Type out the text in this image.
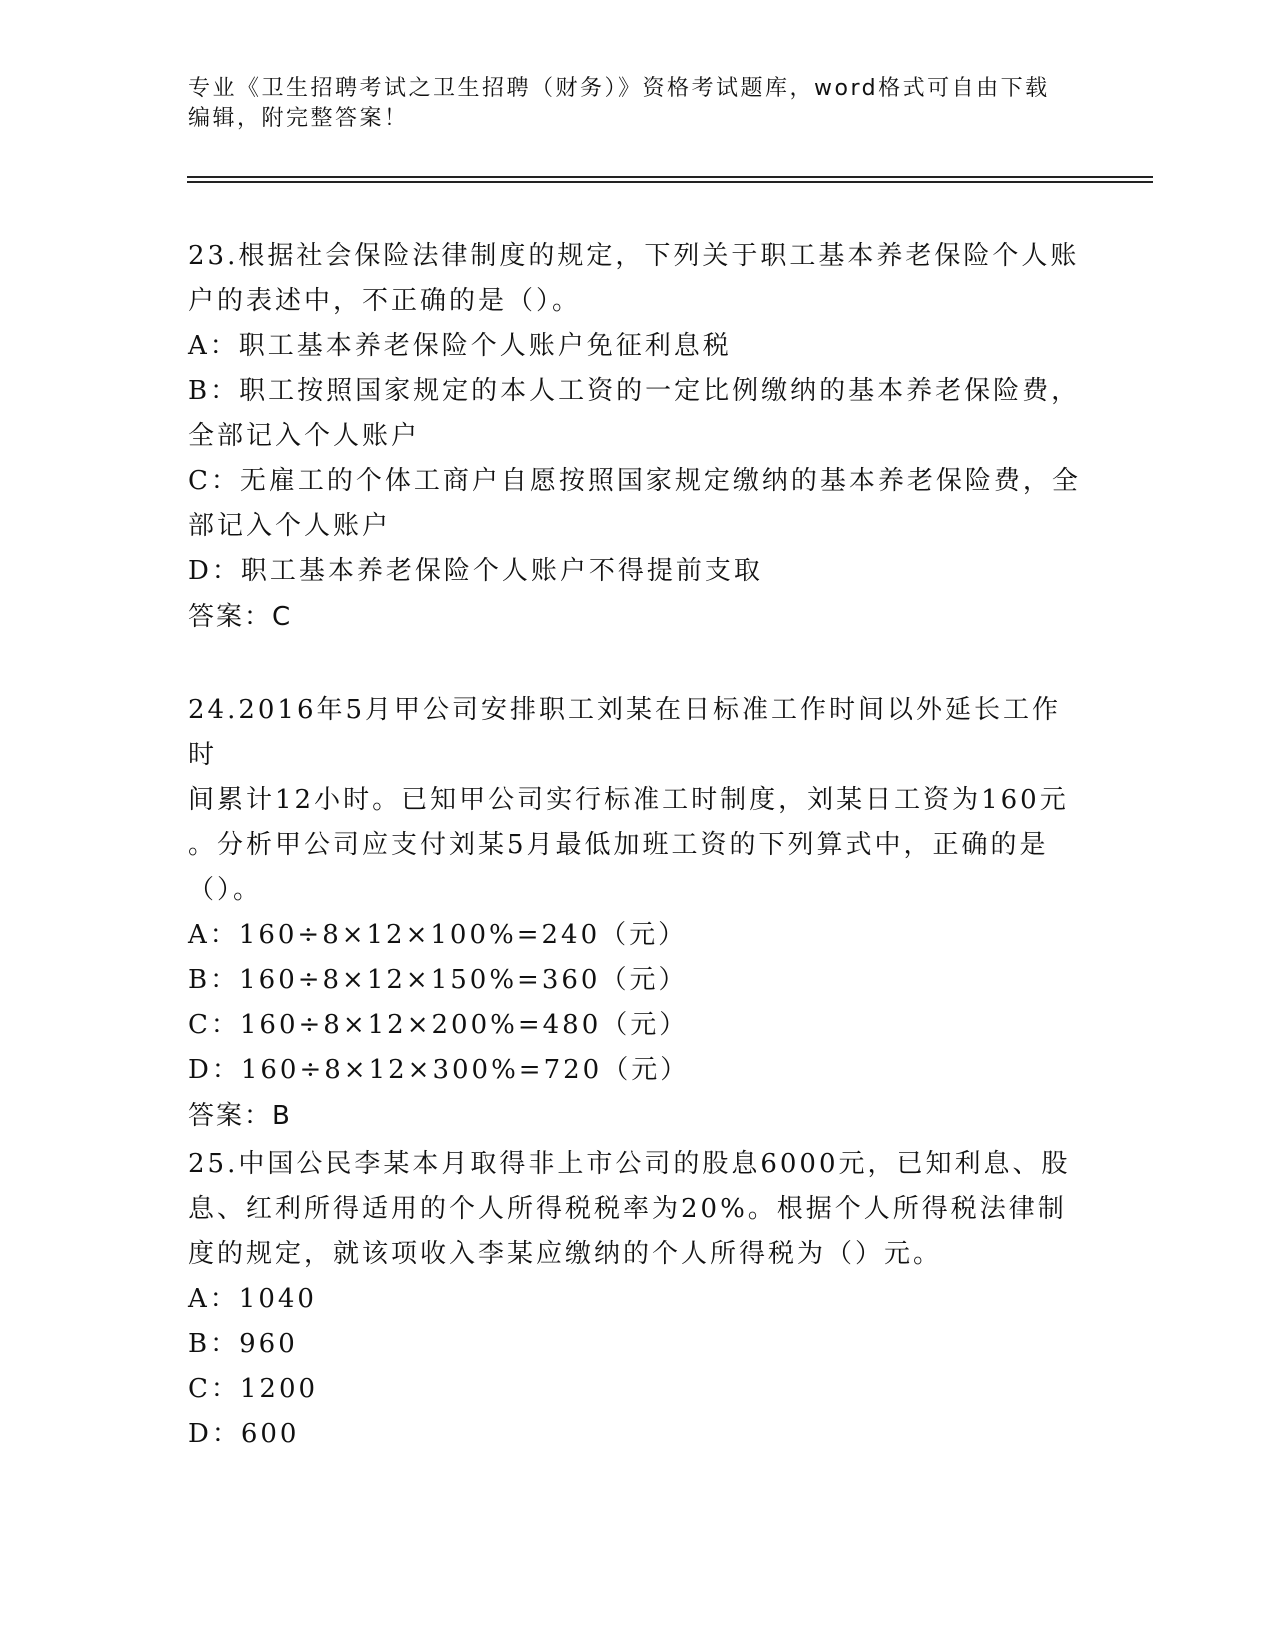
专业《卫生招聘考试之卫生招聘（财务）》资格考试题库，word格式可自由下载
编辑，附完整答案！

23.根据社会保险法律制度的规定，下列关于职工基本养老保险个人账

户的表述中，不正确的是（）。

A：职工基本养老保险个人账户免征利息税

B：职工按照国家规定的本人工资的一定比例缴纳的基本养老保险费，

全部记入个人账户

C：无雇工的个体工商户自愿按照国家规定缴纳的基本养老保险费，全

部记入个人账户

D：职工基本养老保险个人账户不得提前支取

答案：C

24.2016年5月甲公司安排职工刘某在日标准工作时间以外延长工作时

间累计12小时。已知甲公司实行标准工时制度，刘某日工资为160元

。分析甲公司应支付刘某5月最低加班工资的下列算式中，正确的是

（）。

A：160÷8×12×100%=240（元）

B：160÷8×12×150%=360（元）

C：160÷8×12×200%=480（元）

D：160÷8×12×300%=720（元）

答案：B

25.中国公民李某本月取得非上市公司的股息6000元，已知利息、股

息、红利所得适用的个人所得税税率为20%。根据个人所得税法律制

度的规定，就该项收入李某应缴纳的个人所得税为（）元。

A：1040

B：960

C：1200

D：600
